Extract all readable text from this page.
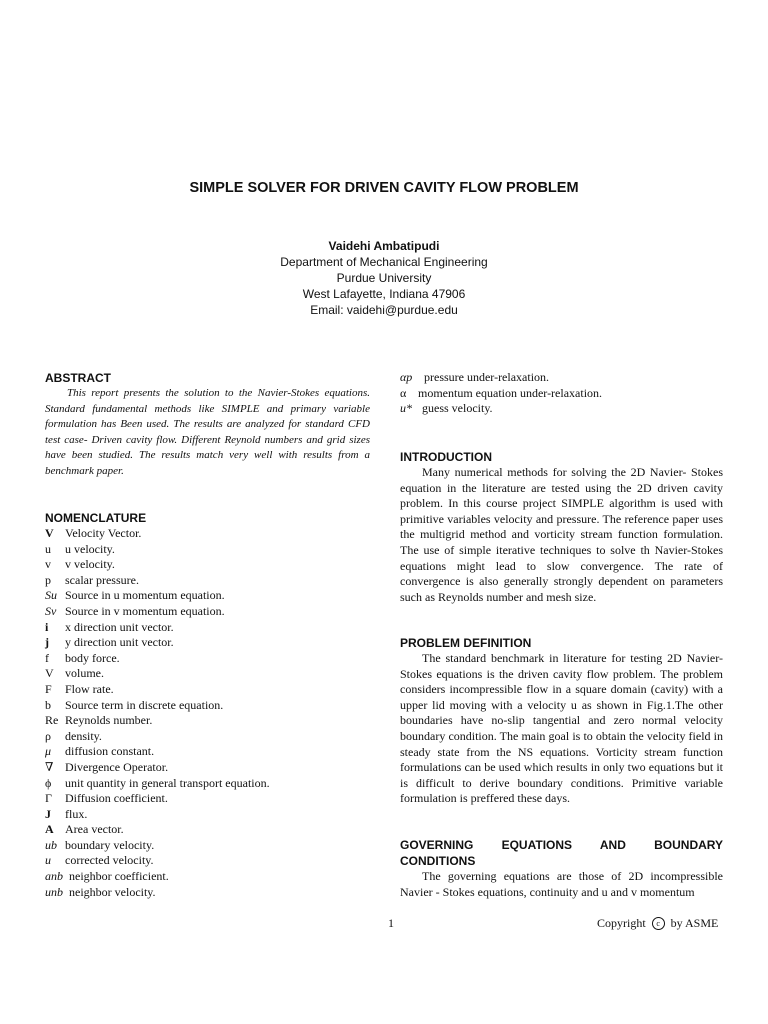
SIMPLE SOLVER FOR DRIVEN CAVITY FLOW PROBLEM
Vaidehi Ambatipudi
Department of Mechanical Engineering
Purdue University
West Lafayette, Indiana 47906
Email: vaidehi@purdue.edu
ABSTRACT

This report presents the solution to the Navier-Stokes equations. Standard fundamental methods like SIMPLE and primary variable formulation has Been used. The results are analyzed for standard CFD test case- Driven cavity flow. Different Reynold numbers and grid sizes have been studied. The results match very well with results from a benchmark paper.

NOMENCLATURE
V Velocity Vector.
u u velocity.
v v velocity.
p scalar pressure.
Su Source in u momentum equation.
Sv Source in v momentum equation.
i x direction unit vector.
j y direction unit vector.
f body force.
V volume.
F Flow rate.
b Source term in discrete equation.
Re Reynolds number.
ρ density.
μ diffusion constant.
∇ Divergence Operator.
ϕ unit quantity in general transport equation.
Γ Diffusion coefficient.
J flux.
A Area vector.
ub boundary velocity.
u corrected velocity.
anb neighbor coefficient.
unb neighbor velocity.
αp pressure under-relaxation.
α momentum equation under-relaxation.
u* guess velocity.
INTRODUCTION

Many numerical methods for solving the 2D Navier- Stokes equation in the literature are tested using the 2D driven cavity problem. In this course project SIMPLE algorithm is used with primitive variables velocity and pressure. The reference paper uses the multigrid method and vorticity stream function formulation. The use of simple iterative techniques to solve th Navier-Stokes equations might lead to slow convergence. The rate of convergence is also generally strongly dependent on parameters such as Reynolds number and mesh size.

PROBLEM DEFINITION

The standard benchmark in literature for testing 2D Navier-Stokes equations is the driven cavity flow problem. The problem considers incompressible flow in a square domain (cavity) with a upper lid moving with a velocity u as shown in Fig.1.The other boundaries have no-slip tangential and zero normal velocity boundary condition. The main goal is to obtain the velocity field in steady state from the NS equations. Vorticity stream function formulations can be used which results in only two equations but it is difficult to derive boundary conditions. Primitive variable formulation is preffered these days.

GOVERNING EQUATIONS AND BOUNDARY CONDITIONS

The governing equations are those of 2D incompressible Navier - Stokes equations, continuity and u and v momentum

1	Copyright c by ASME
